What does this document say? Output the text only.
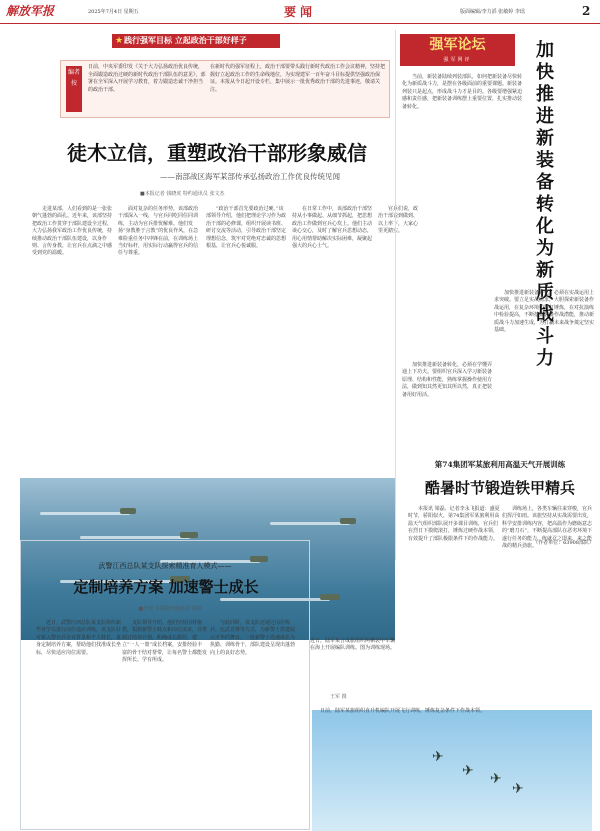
解放军报	2025年7月4日 星期五	要闻	版面编辑/李力滔 张敏婷 李瑶	2
★ 践行强军目标 立起政治干部好样子
编者按
日前，中央军委印发《关于大力弘扬政治优良传统，全面锻造政治过硬的新时代政治干部队伍的意见》，部署在全军深入开展学习教育，着力锻造忠诚干净担当的政治干部。
在新时代的强军征程上，政治干部要带头践行新时代政治工作会议精神，坚持把握好立起政治工作的生命线地位，为实现建军一百年奋斗目标提供坚强政治保证。本报从今日起开设专栏，集中展示一批优秀政治干部的先进事迹，敬请关注。
徒木立信，重塑政治干部形象威信
——南部战区海军某部传承弘扬政治工作优良传统见闻
■本报记者 钱晓虎 特约通讯员 张文杰
走进某部，人们看到的是一张张朝气蓬勃的面孔。近年来，该部坚持把政治工作贯穿于部队建设全过程，大力弘扬我军政治工作优良传统，持续推动政治干部队伍建设，以身作则、言传身教，让官兵在点滴之中感受到党的温暖。
面对复杂的任务形势，该部政治干部深入一线，与官兵同吃同住同训练，主动为官兵排忧解难。他们发扬“身教胜于言教”的优良作风，在急难险重任务中冲锋在前，在训练场上当好标杆，用实际行动赢得官兵的信任与尊重。
“政治干部首先要政治过硬。”该部领导介绍，他们把理论学习作为政治干部的必修课，组织开展读书班、研讨交流等活动，引导政治干部坚定理想信念，筑牢对党绝对忠诚的思想根基，让官兵心悦诚服。
在日常工作中，该部政治干部坚持从小事做起、从细节抓起，把思想政治工作做到官兵心坎上。他们主动谈心交心，及时了解官兵思想动态，用心用情帮助解决实际困难，凝聚起强大的兵心士气。
官兵们说，政治干部说到做到、以上率下，大家心里更踏实。
强军论坛
强军网评	加快推进新装备转化为新质战斗力
当前，新装备陆续列装部队，如何把新装备尽快转化为新质战斗力，是摆在各级面前的重要课题。新装备列装只是起点，形成战斗力才是目的。各级要增强紧迫感和责任感，把新装备训练摆上重要位置，扎实推动装备转化。
加快推进新装备转化，必须在学懂弄通上下功夫。要组织官兵深入学习新装备原理、结构和性能，熟练掌握操作使用方法，做到知其然更知其所以然，真正把装备用好用活。
加快推进新装备转化，必须在实战运用上求突破。要立足实战需求，大胆探索新装备作战运用，在复杂环境中摔打锤炼，在对抗演练中检验提高，不断挖掘装备作战潜能，推动新质战斗力加速生成，为打赢未来战争奠定坚实基础。
（作者单位：63908部队）
近日，陆军某合成旅组织两栖装甲车辆在海上开展编队训练。图为训练现场。
王军 摄
第74集团军某旅利用高温天气开展训练
酷暑时节锻造铁甲精兵
本报讯 梁磊、记者李永飞报道：盛夏时节，骄阳似火，第74集团军某旅利用高温天气组织部队展开多课目训练，官兵们在烈日下摸爬滚打，锤炼过硬作战本领，有效提升了部队极限条件下的作战能力。
训练场上，各类车辆往来穿梭，官兵们挥汗如雨。该旅坚持从实战需要出发，科学安排训练内容，把高温作为磨砺意志的“磨刀石”，不断提高部队在恶劣环境下遂行任务的能力，练就召之即来、来之能战的精兵劲旅。
武警江西总队某支队探索精准育人模式——
定制培养方案 加速警士成长
■李蒙 本报特约通讯员 刘翔
近日，武警江西总队某支队组织新毕业学员进行岗位适应训练。该支队针对新入警官兵专业背景和个人特长，量身定制培养方案，帮助他们找准成长坐标，尽快适应岗位需要。
支队领导介绍，他们坚持因材施教，根据新警士特点和岗位需求，分类制订培养计划，明确成长路径，建立“一人一策”成长档案，安排经验丰富的骨干结对帮带，让每名警士都能发挥所长、学有所成。
与此同时，该支队还通过岗位练兵、比武竞赛等方式，为新警士搭建展示才华的舞台。一批新警士迅速成长为执勤、训练骨干，部队建设呈现出蓬勃向上的良好态势。
✈
✈ ✈
✈
日前，陆军某旅组织直升机编队开展飞行训练，锤炼复杂条件下作战本领。
